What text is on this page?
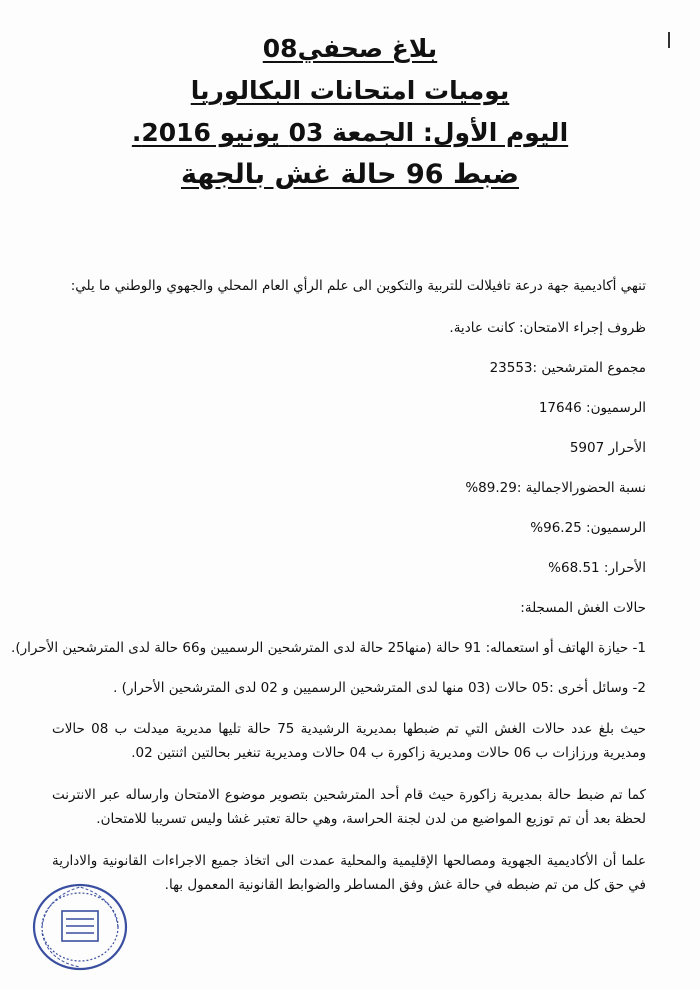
بلاغ صحفي08
يوميات امتحانات البكالوريا
اليوم الأول: الجمعة 03 يونيو 2016.
ضبط 96 حالة غش بالجهة

تنهي أكاديمية جهة درعة تافيلالت للتربية والتكوين الى علم الرأي العام المحلي والجهوي والوطني ما يلي:

ظروف إجراء الامتحان: كانت عادية.

مجموع المترشحين :23553

الرسميون: 17646

الأحرار 5907

نسبة الحضورالاجمالية :89.29%

الرسميون: 96.25%

الأحرار: 68.51%

حالات الغش المسجلة:

1- حيازة الهاتف أو استعماله: 91 حالة (منها25 حالة لدى المترشحين الرسميين و66 حالة لدى المترشحين الأحرار).

2- وسائل أخرى :05 حالات (03 منها لدى المترشحين الرسميين و 02 لدى المترشحين الأحرار) .

حيث بلغ عدد حالات الغش التي تم ضبطها بمديرية الرشيدية 75 حالة تليها مديرية ميدلت ب 08 حالات ومديرية ورزازات ب 06 حالات ومديرية زاكورة ب 04 حالات ومديرية تنغير بحالتين اثنتين 02.

كما تم ضبط حالة بمديرية زاكورة حيث قام أحد المترشحين بتصوير موضوع الامتحان وارساله عبر الانترنت لحظة بعد أن تم توزيع المواضيع من لدن لجنة الحراسة، وهي حالة تعتبر غشا وليس تسريبا للامتحان.

علما أن الأكاديمية الجهوية ومصالحها الإقليمية والمحلية عمدت الى اتخاذ جميع الاجراءات القانونية والادارية في حق كل من تم ضبطه في حالة غش وفق المساطر والضوابط القانونية المعمول بها.
